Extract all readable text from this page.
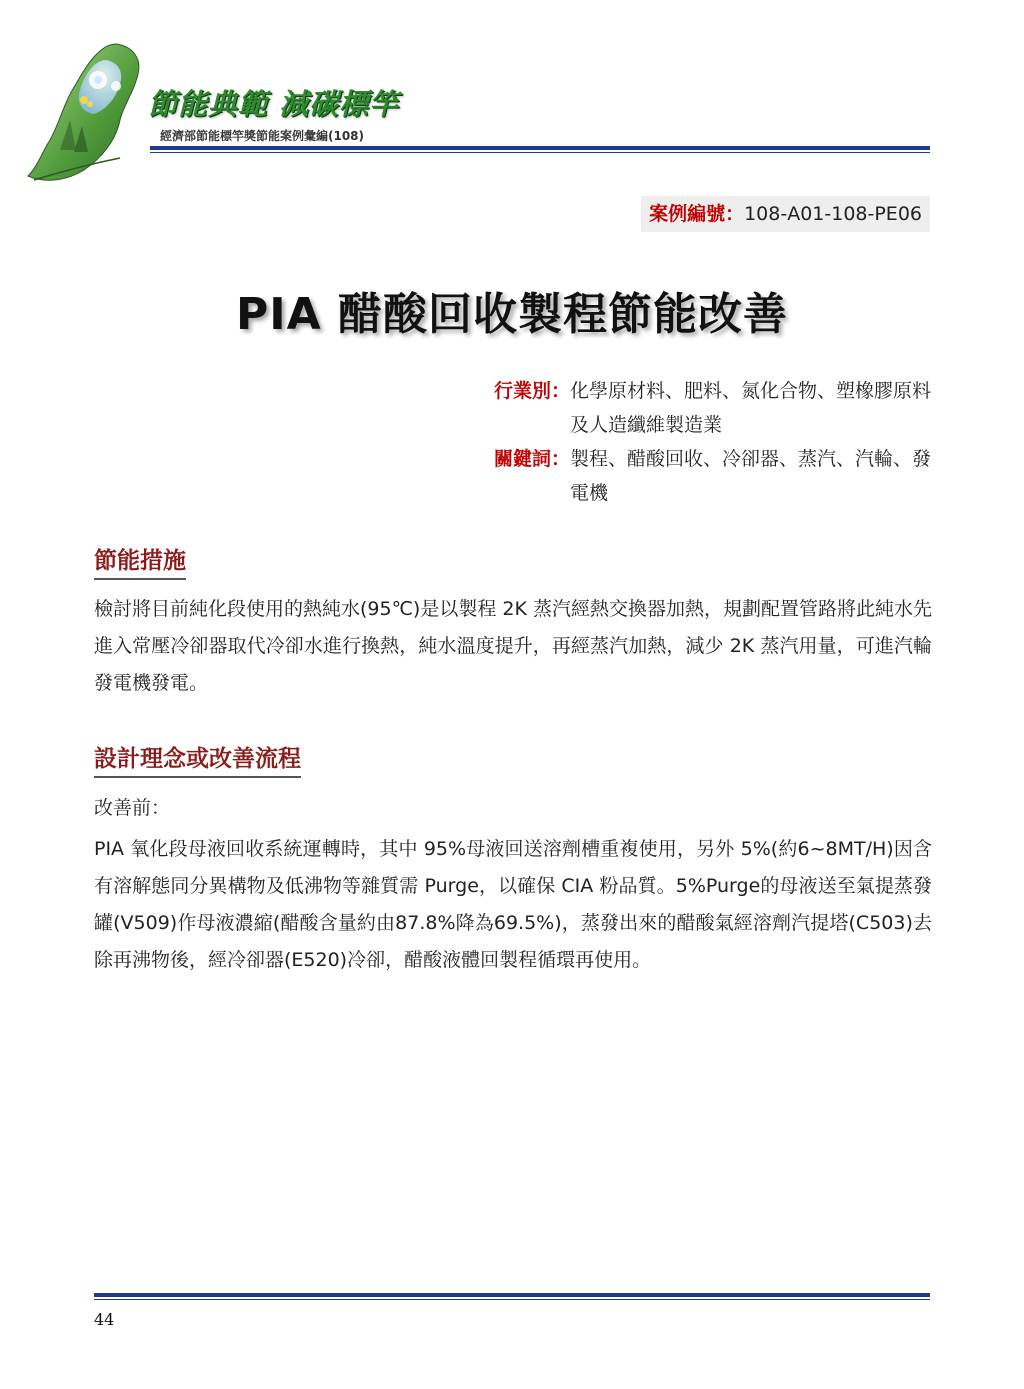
節能典範 減碳標竿
經濟部節能標竿獎節能案例彙編(108)
案例編號：108-A01-108-PE06
PIA 醋酸回收製程節能改善
行業別： 化學原材料、肥料、氮化合物、塑橡膠原料及人造纖維製造業
關鍵詞： 製程、醋酸回收、冷卻器、蒸汽、汽輪、發電機
節能措施

檢討將目前純化段使用的熱純水(95℃)是以製程 2K 蒸汽經熱交換器加熱，規劃配置管路將此純水先進入常壓冷卻器取代冷卻水進行換熱，純水溫度提升，再經蒸汽加熱，減少 2K 蒸汽用量，可進汽輪發電機發電。

設計理念或改善流程

改善前：

PIA 氧化段母液回收系統運轉時，其中 95%母液回送溶劑槽重複使用，另外 5%(約6~8MT/H)因含有溶解態同分異構物及低沸物等雜質需 Purge，以確保 CIA 粉品質。5%Purge的母液送至氣提蒸發罐(V509)作母液濃縮(醋酸含量約由87.8%降為69.5%)，蒸發出來的醋酸氣經溶劑汽提塔(C503)去除再沸物後，經冷卻器(E520)冷卻，醋酸液體回製程循環再使用。

44
